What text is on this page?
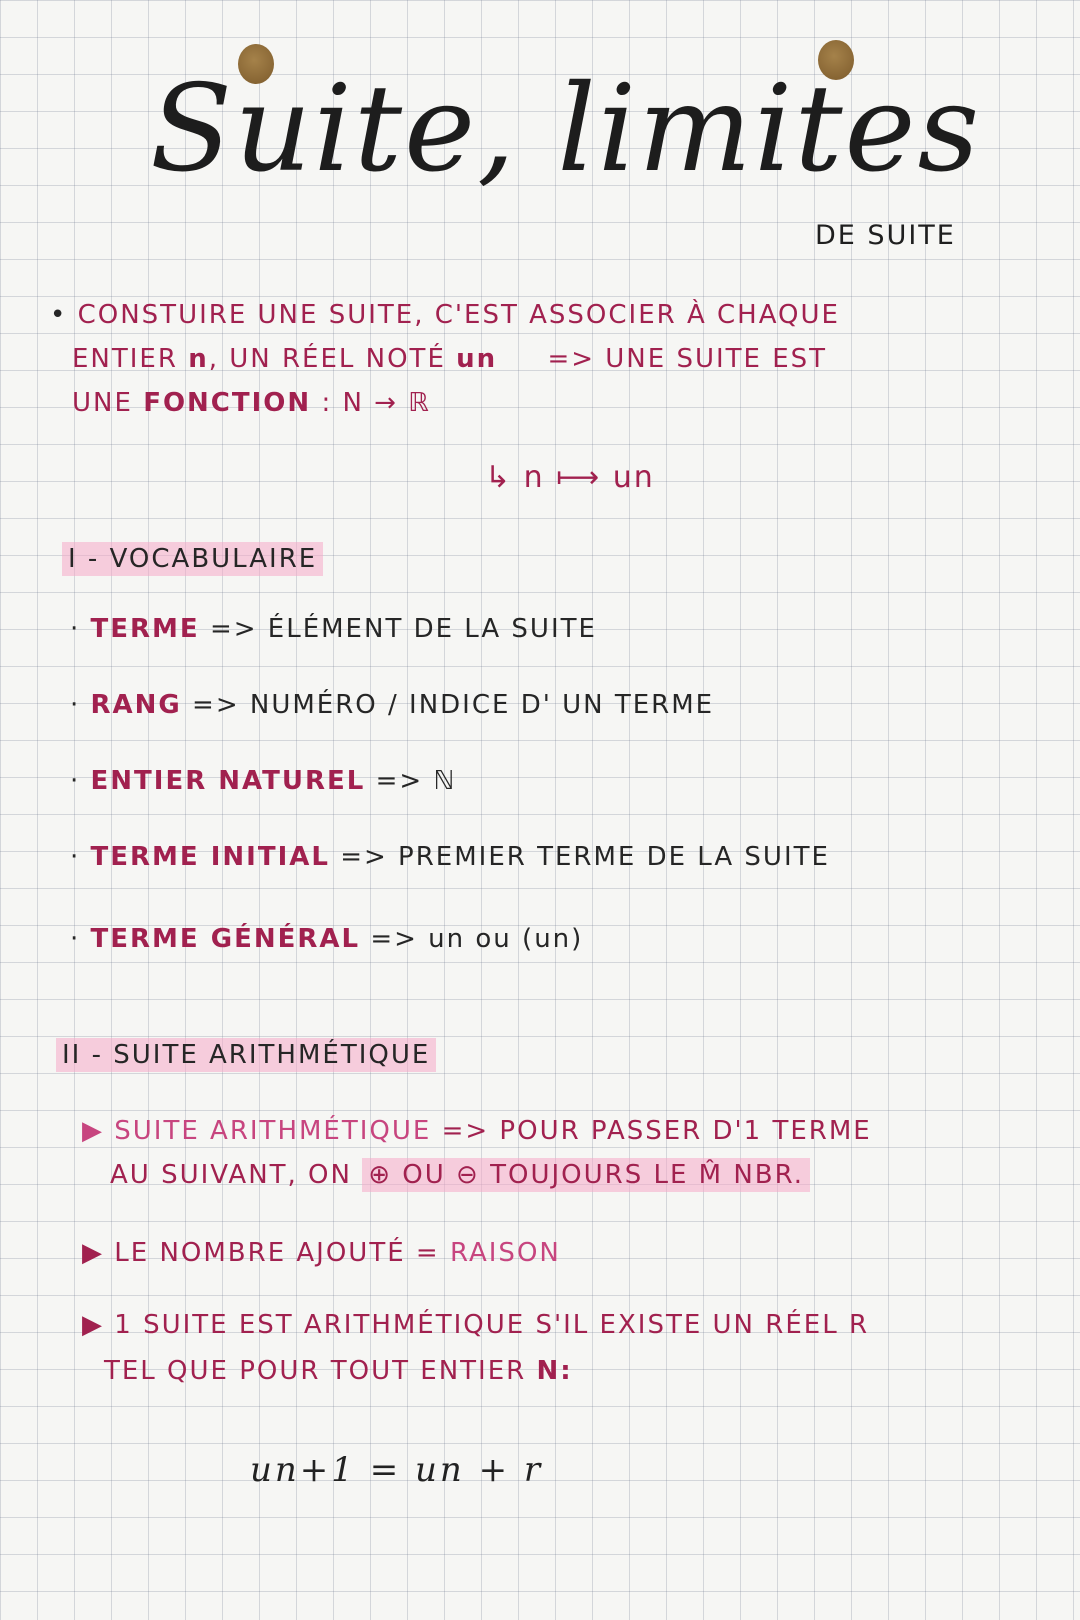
Suite, limites
DE SUITE
• CONSTUIRE UNE SUITE, C'EST ASSOCIER À CHAQUE
ENTIER n, UN RÉEL NOTÉ un => UNE SUITE EST
UNE FONCTION : N → ℝ
↳ n ⟼ un
I - VOCABULAIRE
· TERME => ÉLÉMENT DE LA SUITE
· RANG => NUMÉRO / INDICE D' UN TERME
· ENTIER NATUREL => ℕ
· TERME INITIAL => PREMIER TERME DE LA SUITE
· TERME GÉNÉRAL => un ou (un)
II - SUITE ARITHMÉTIQUE
▶ SUITE ARITHMÉTIQUE => POUR PASSER D'1 TERME
AU SUIVANT, ON ⊕ OU ⊖ TOUJOURS LE M̂ NBR.
▶ LE NOMBRE AJOUTÉ = RAISON
▶ 1 SUITE EST ARITHMÉTIQUE S'IL EXISTE UN RÉEL R
TEL QUE POUR TOUT ENTIER N:
un+1 = un + r
